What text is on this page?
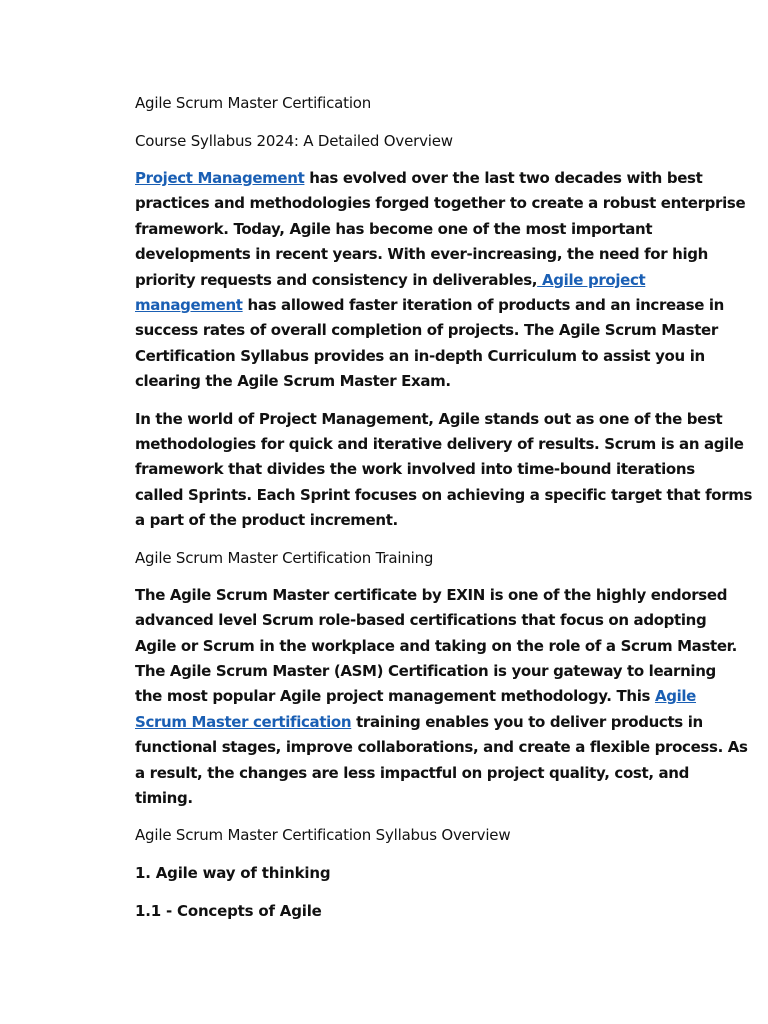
Agile Scrum Master Certification
Course Syllabus 2024: A Detailed Overview
Project Management has evolved over the last two decades with best
practices and methodologies forged together to create a robust enterprise
framework. Today, Agile has become one of the most important
developments in recent years. With ever-increasing, the need for high
priority requests and consistency in deliverables, Agile project
management has allowed faster iteration of products and an increase in
success rates of overall completion of projects. The Agile Scrum Master
Certification Syllabus provides an in-depth Curriculum to assist you in
clearing the Agile Scrum Master Exam.
In the world of Project Management, Agile stands out as one of the best
methodologies for quick and iterative delivery of results. Scrum is an agile
framework that divides the work involved into time-bound iterations
called Sprints. Each Sprint focuses on achieving a specific target that forms
a part of the product increment.
Agile Scrum Master Certification Training
The Agile Scrum Master certificate by EXIN is one of the highly endorsed
advanced level Scrum role-based certifications that focus on adopting
Agile or Scrum in the workplace and taking on the role of a Scrum Master.
The Agile Scrum Master (ASM) Certification is your gateway to learning
the most popular Agile project management methodology. This Agile
Scrum Master certification training enables you to deliver products in
functional stages, improve collaborations, and create a flexible process. As
a result, the changes are less impactful on project quality, cost, and
timing.
Agile Scrum Master Certification Syllabus Overview
1. Agile way of thinking
1.1 - Concepts of Agile
